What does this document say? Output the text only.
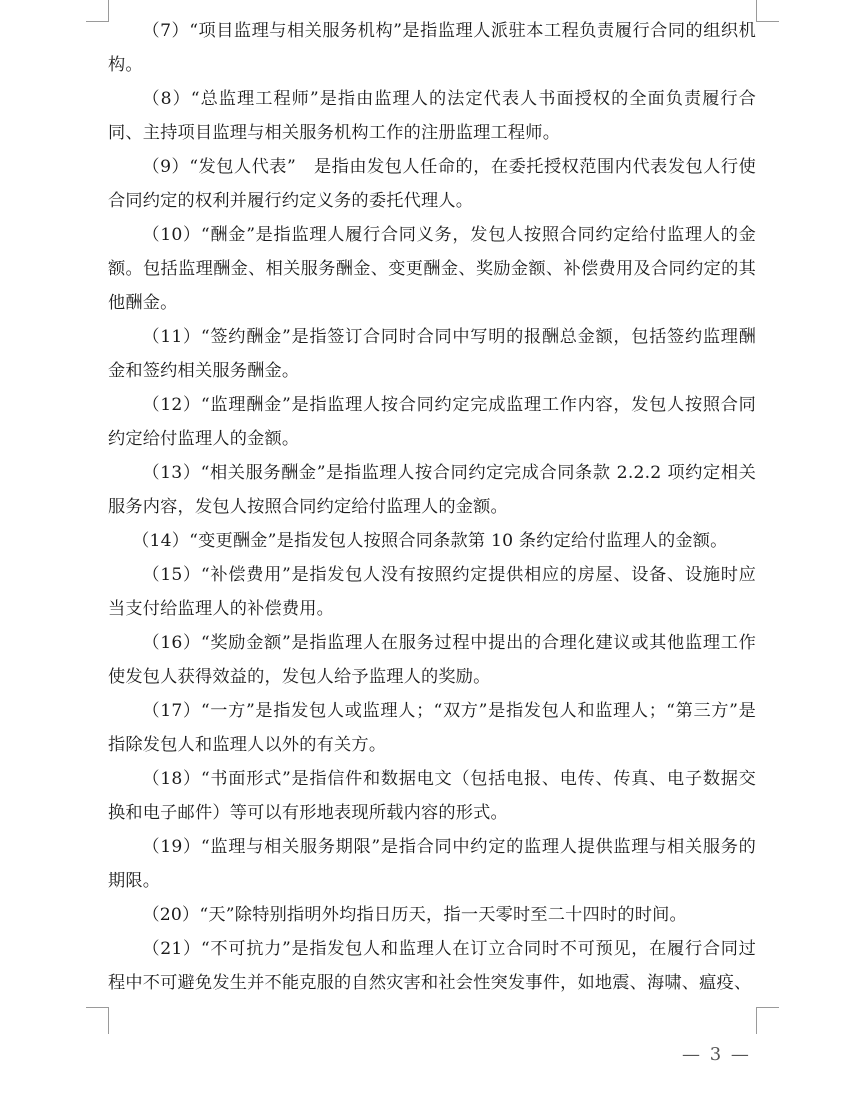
（7）“项目监理与相关服务机构”是指监理人派驻本工程负责履行合同的组织机构。

（8）“总监理工程师”是指由监理人的法定代表人书面授权的全面负责履行合同、主持项目监理与相关服务机构工作的注册监理工程师。

（9）“发包人代表”　是指由发包人任命的，在委托授权范围内代表发包人行使合同约定的权利并履行约定义务的委托代理人。

（10）“酬金”是指监理人履行合同义务，发包人按照合同约定给付监理人的金额。包括监理酬金、相关服务酬金、变更酬金、奖励金额、补偿费用及合同约定的其他酬金。

（11）“签约酬金”是指签订合同时合同中写明的报酬总金额，包括签约监理酬金和签约相关服务酬金。

（12）“监理酬金”是指监理人按合同约定完成监理工作内容，发包人按照合同约定给付监理人的金额。

（13）“相关服务酬金”是指监理人按合同约定完成合同条款 2.2.2 项约定相关服务内容，发包人按照合同约定给付监理人的金额。

（14）“变更酬金”是指发包人按照合同条款第 10 条约定给付监理人的金额。

（15）“补偿费用”是指发包人没有按照约定提供相应的房屋、设备、设施时应当支付给监理人的补偿费用。

（16）“奖励金额”是指监理人在服务过程中提出的合理化建议或其他监理工作使发包人获得效益的，发包人给予监理人的奖励。

（17）“一方”是指发包人或监理人；“双方”是指发包人和监理人；“第三方”是指除发包人和监理人以外的有关方。

（18）“书面形式”是指信件和数据电文（包括电报、电传、传真、电子数据交换和电子邮件）等可以有形地表现所载内容的形式。

（19）“监理与相关服务期限”是指合同中约定的监理人提供监理与相关服务的期限。

（20）“天”除特别指明外均指日历天，指一天零时至二十四时的时间。

（21）“不可抗力”是指发包人和监理人在订立合同时不可预见，在履行合同过程中不可避免发生并不能克服的自然灾害和社会性突发事件，如地震、海啸、瘟疫、

— 3 —
